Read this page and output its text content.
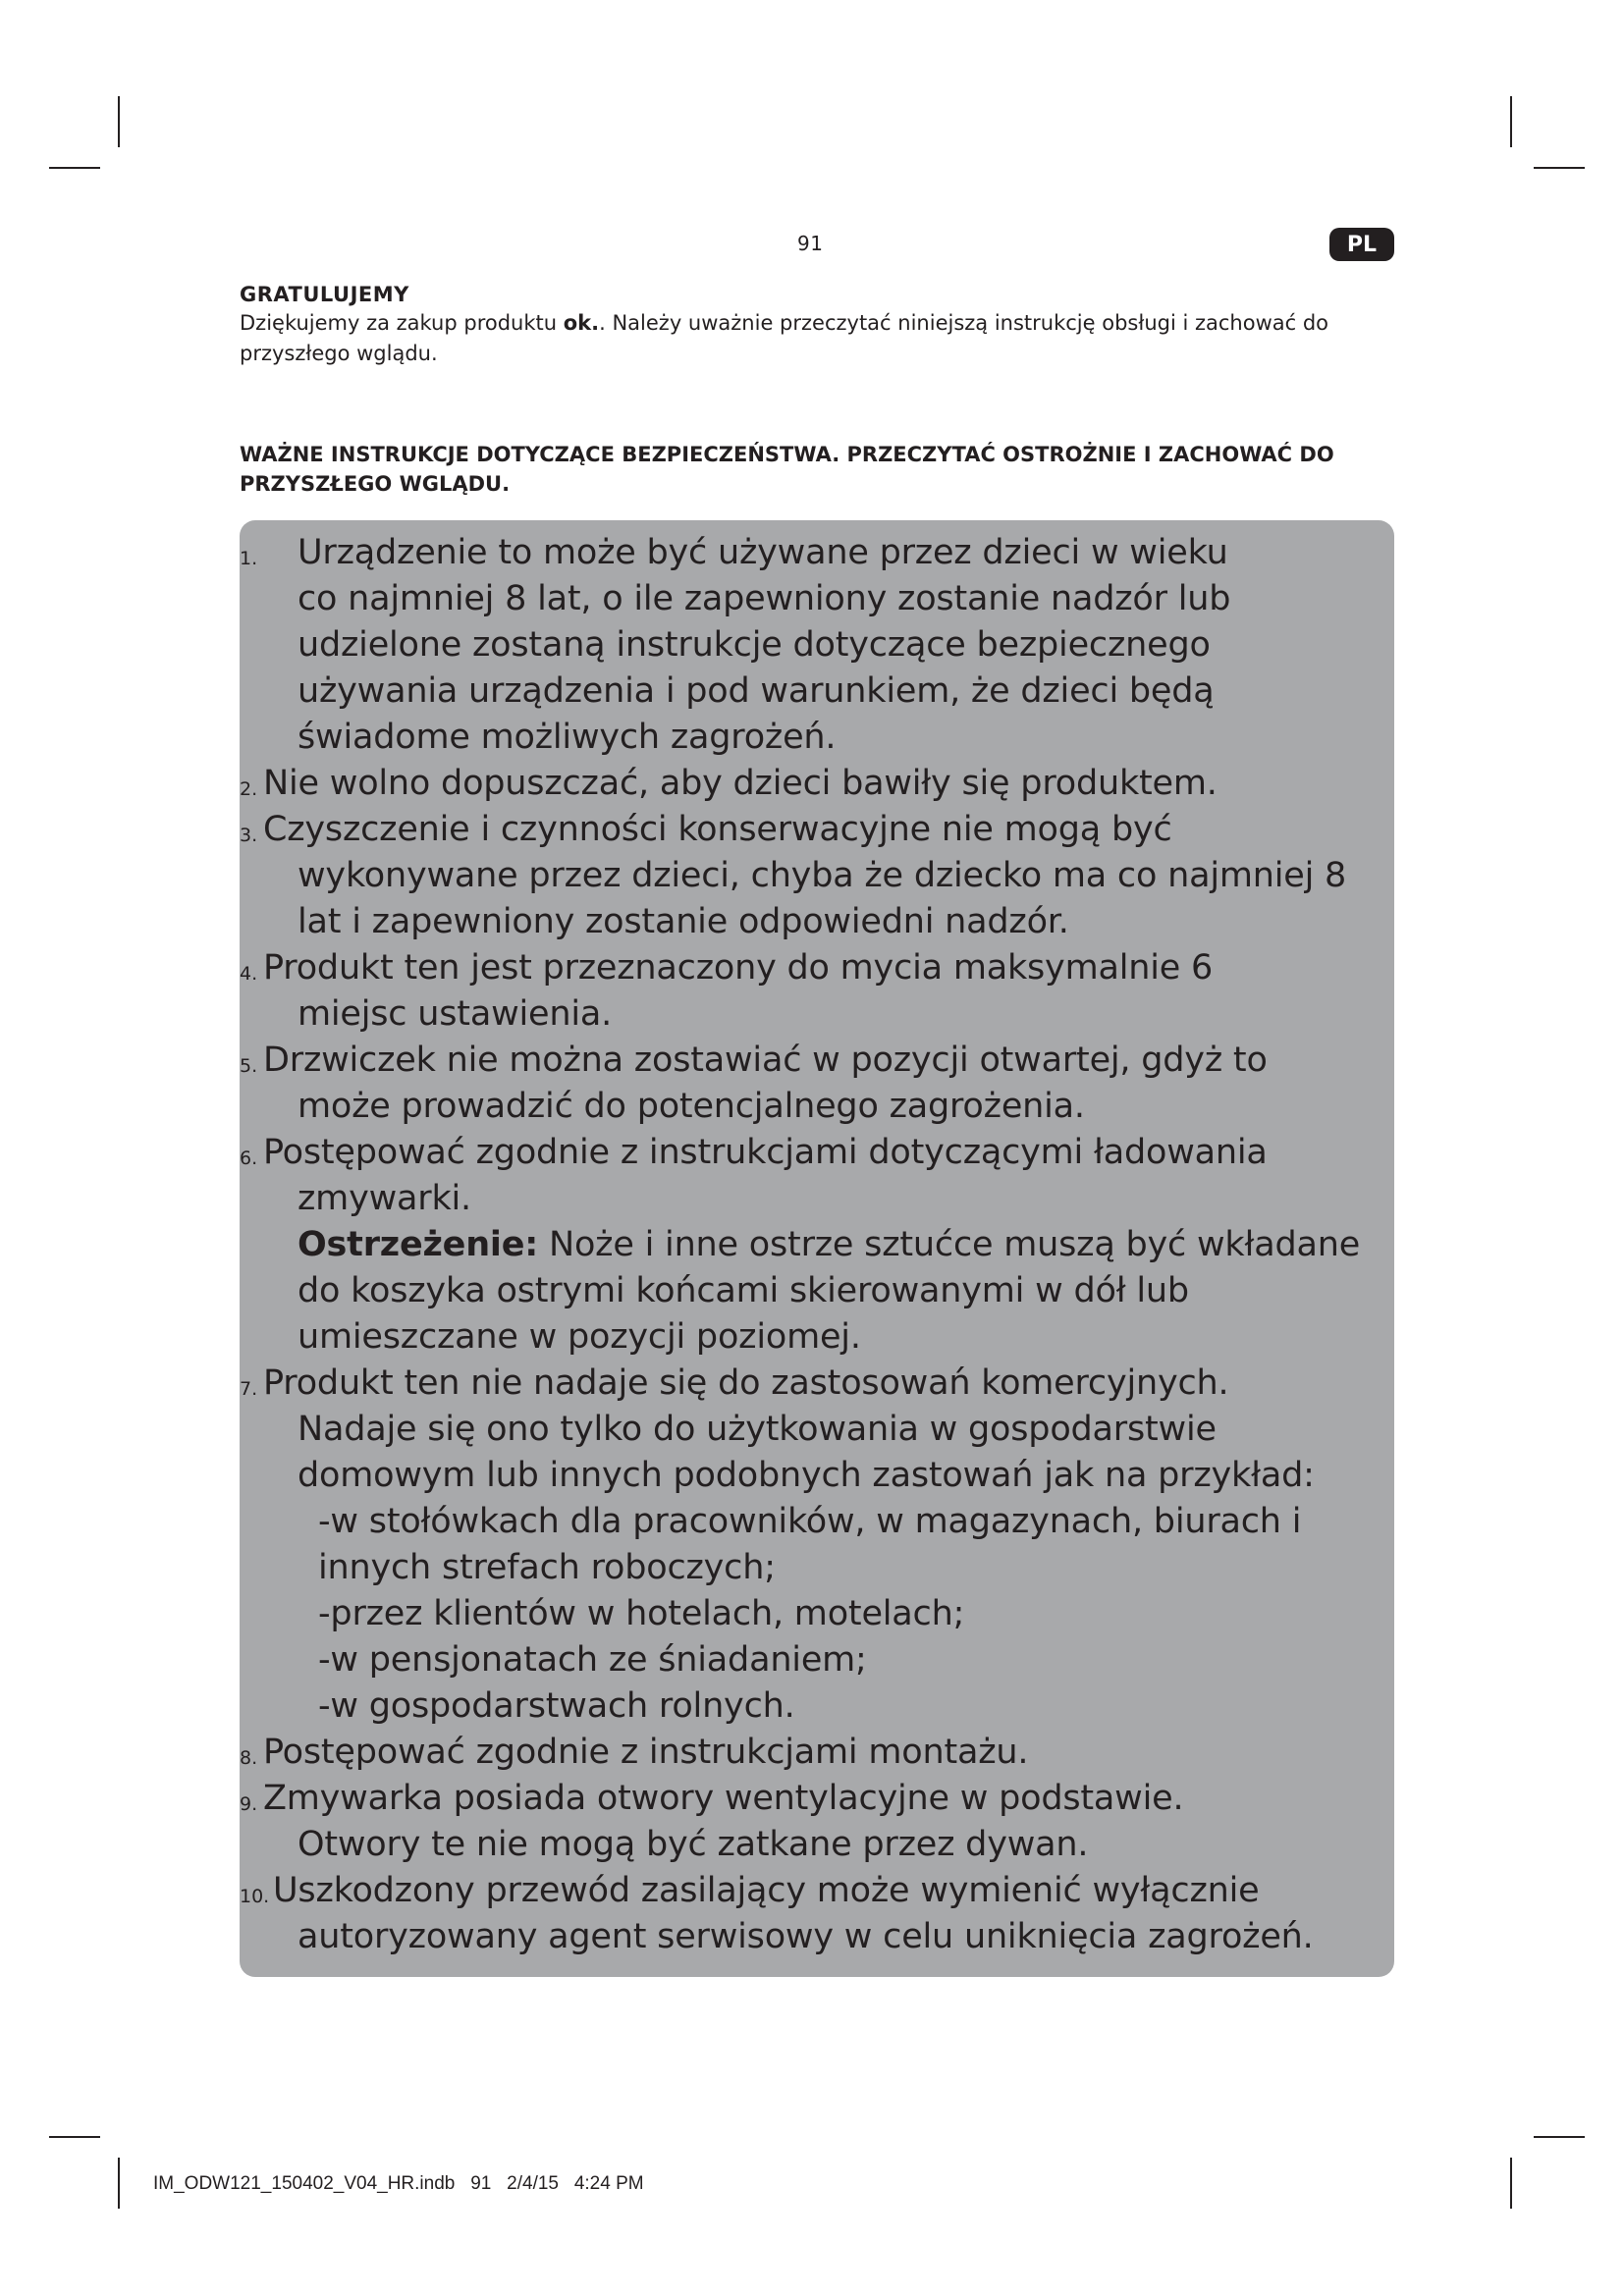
91	PL

GRATULUJEMY

Dziękujemy za zakup produktu ok.. Należy uważnie przeczytać niniejszą instrukcję obsługi i zachować do przyszłego wglądu.

WAŻNE INSTRUKCJE DOTYCZĄCE BEZPIECZEŃSTWA. PRZECZYTAĆ OSTROŻNIE I ZACHOWAĆ DO PRZYSZŁEGO WGLĄDU.

1.	Urządzenie to może być używane przez dzieci w wieku

co najmniej 8 lat, o ile zapewniony zostanie nadzór lub

udzielone zostaną instrukcje dotyczące bezpiecznego

używania urządzenia i pod warunkiem, że dzieci będą

świadome możliwych zagrożeń.

2. Nie wolno dopuszczać, aby dzieci bawiły się produktem.

3. Czyszczenie i czynności konserwacyjne nie mogą być

wykonywane przez dzieci, chyba że dziecko ma co najmniej 8

lat i zapewniony zostanie odpowiedni nadzór.

4. Produkt ten jest przeznaczony do mycia maksymalnie 6

miejsc ustawienia.

5. Drzwiczek nie można zostawiać w pozycji otwartej, gdyż to

może prowadzić do potencjalnego zagrożenia.

6. Postępować zgodnie z instrukcjami dotyczącymi ładowania

zmywarki.

Ostrzeżenie: Noże i inne ostrze sztućce muszą być wkładane

do koszyka ostrymi końcami skierowanymi w dół lub

umieszczane w pozycji poziomej.

7. Produkt ten nie nadaje się do zastosowań komercyjnych.

Nadaje się ono tylko do użytkowania w gospodarstwie

domowym lub innych podobnych zastowań jak na przykład:

-w stołówkach dla pracowników, w magazynach, biurach i

innych strefach roboczych;

-przez klientów w hotelach, motelach;

-w pensjonatach ze śniadaniem;

-w gospodarstwach rolnych.

8. Postępować zgodnie z instrukcjami montażu.

9. Zmywarka posiada otwory wentylacyjne w podstawie.

Otwory te nie mogą być zatkane przez dywan.

10. Uszkodzony przewód zasilający może wymienić wyłącznie

autoryzowany agent serwisowy w celu uniknięcia zagrożeń.

IM_ODW121_150402_V04_HR.indb   91   2/4/15   4:24 PM
